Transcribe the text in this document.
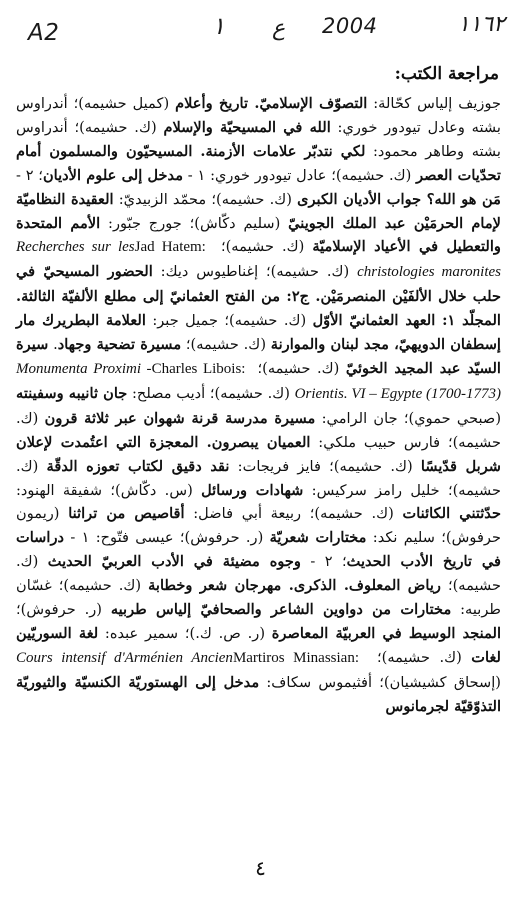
A2	١ ع 2004	١١٦٢
مراجعة الكتب:
جوزيف إلياس كحّالة: التصوّف الإسلاميّ. تاريخ وأعلام (كميل حشيمه)؛ أندراوس بشته وعادل تيودور خوري: الله في المسيحيّة والإسلام (ك. حشيمه)؛ أندراوس بشته وطاهر محمود: لكي نتدبّر علامات الأزمنة. المسيحيّون والمسلمون أمام تحدّيات العصر (ك. حشيمه)؛ عادل تيودور خوري: ١ - مدخل إلى علوم الأديان؛ ٢ - مَن هو الله؟ جواب الأديان الكبرى (ك. حشيمه)؛ محمّد الزبيديّ: العقيدة النظاميّة لإمام الحرمَيْن عبد الملك الجوينيّ (سليم دكّاش)؛ جورج جبّور: الأمم المتحدة والتعطيل في الأعياد الإسلاميّة (ك. حشيمه)؛ Jad Hatem: Recherches sur les christologies maronites (ك. حشيمه)؛ إغناطيوس ديك: الحضور المسيحيّ في حلب خلال الألفَيْن المنصرمَيْن. ج٢: من الفتح العثمانيّ إلى مطلع الألفيّة الثالثة. المجلّد ١: العهد العثمانيّ الأوّل (ك. حشيمه)؛ جميل جبر: العلامة البطريرك مار إسطفان الدويهيّ، مجد لبنان والموارنة (ك. حشيمه)؛ مسيرة تضحية وجهاد. سيرة السيّد عبد المجيد الخوئيّ (ك. حشيمه)؛ Charles Libois: Monumenta Proximi - Orientis. VI – Egypte (1700-1773) (ك. حشيمه)؛ أديب مصلح: جان ثانيبه وسفينته (صبحي حموي)؛ جان الرامي: مسيرة مدرسة قرنة شهوان عبر ثلاثة قرون (ك. حشيمه)؛ فارس حبيب ملكي: العميان يبصرون. المعجزة التي اعتُمدت لإعلان شربل قدّيسًا (ك. حشيمه)؛ فايز فريجات: نقد دقيق لكتاب تعوزه الدقّة (ك. حشيمه)؛ خليل رامز سركيس: شهادات ورسائل (س. دكّاش)؛ شفيقة الهنود: حدّثتني الكائنات (ك. حشيمه)؛ ربيعة أبي فاضل: أقاصيص من تراثنا (ريمون حرفوش)؛ سليم نكد: مختارات شعريّة (ر. حرفوش)؛ عيسى فتّوح: ١ - دراسات في تاريخ الأدب الحديث؛ ٢ - وجوه مضيئة في الأدب العربيّ الحديث (ك. حشيمه)؛ رياض المعلوف. الذكرى. مهرجان شعر وخطابة (ك. حشيمه)؛ غسّان طربيه: مختارات من دواوين الشاعر والصحافيّ إلياس طربيه (ر. حرفوش)؛ المنجد الوسيط في العربيّة المعاصرة (ر. ص. ك.)؛ سمير عبده: لغة السوريّين لغات (ك. حشيمه)؛ Martiros Minassian: Cours intensif d'Arménien Ancien (إسحاق كشيشيان)؛ أفثيموس سكاف: مدخل إلى الهستوريّة الكنسيّة والثيوريّة التذوّقيّة لجرمانوس
٤
